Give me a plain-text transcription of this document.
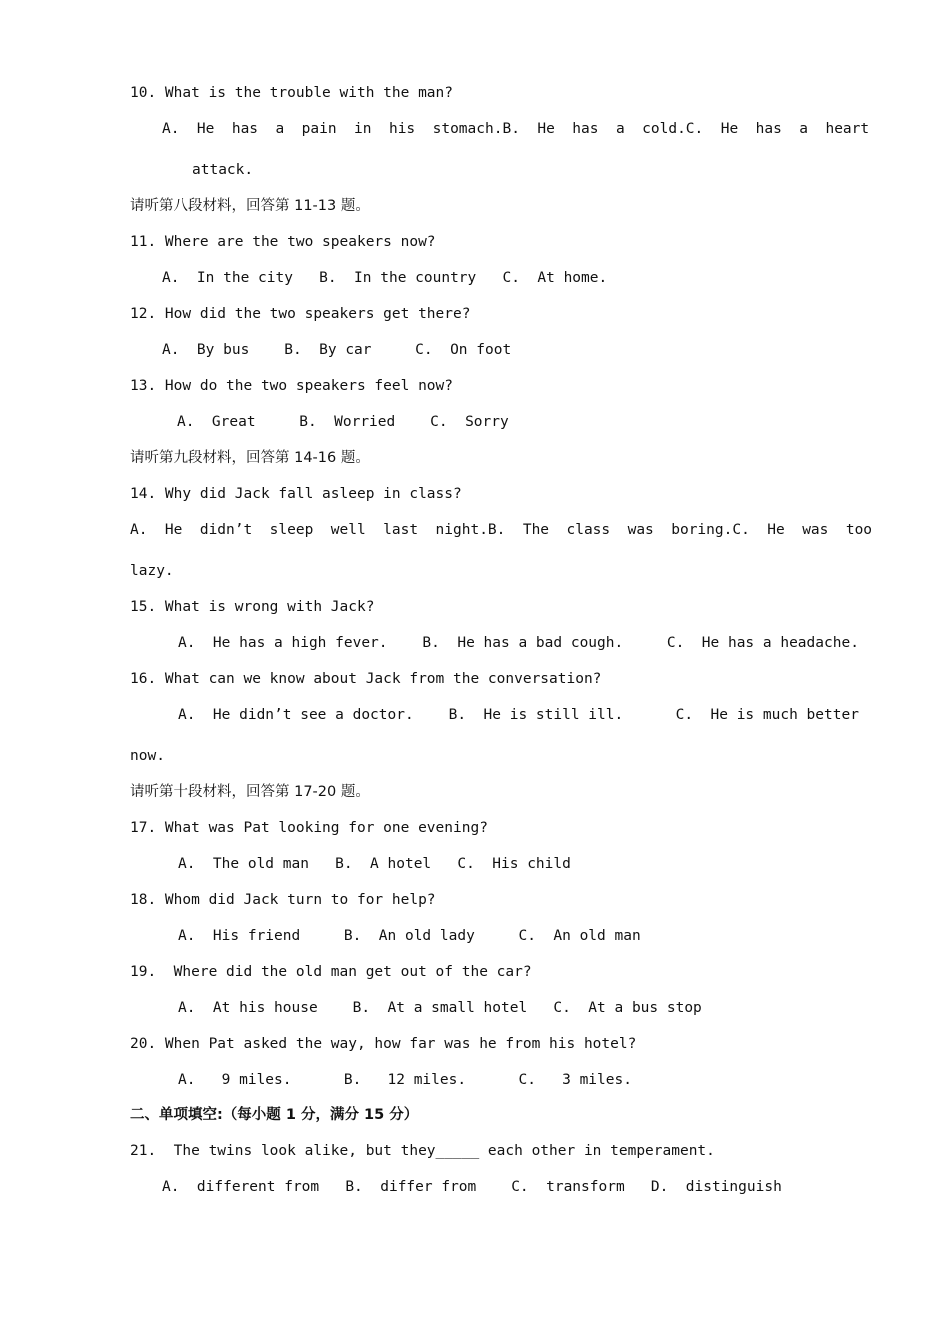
10. What is the trouble with the man?
A.  He  has  a  pain  in  his  stomach. B.  He  has  a  cold. C.  He  has  a  heart
attack.
请听第八段材料，回答第 11-13 题。
11. Where are the two speakers now?
A.  In the city   B.  In the country   C.  At home.
12. How did the two speakers get there?
A.  By bus    B.  By car     C.  On foot
13. How do the two speakers feel now?
A.  Great     B.  Worried    C.  Sorry
请听第九段材料，回答第 14-16 题。
14. Why did Jack fall asleep in class?
A.  He  didn’t  sleep  well  last  night. B.  The  class  was  boring. C.  He  was  too
lazy.
15. What is wrong with Jack?
A.  He has a high fever.    B.  He has a bad cough.     C.  He has a headache.
16. What can we know about Jack from the conversation?
A.  He didn’t see a doctor.    B.  He is still ill.      C.  He is much better
now.
请听第十段材料，回答第 17-20 题。
17. What was Pat looking for one evening?
A.  The old man   B.  A hotel   C.  His child
18. Whom did Jack turn to for help?
A.  His friend     B.  An old lady     C.  An old man
19.  Where did the old man get out of the car?
A.  At his house    B.  At a small hotel   C.  At a bus stop
20. When Pat asked the way, how far was he from his hotel?
A.   9 miles.      B.   12 miles.      C.   3 miles.
二、单项填空:（每小题 1 分，满分 15 分）
21.  The twins look alike, but they_____ each other in temperament.
A.  different from   B.  differ from    C.  transform   D.  distinguish
